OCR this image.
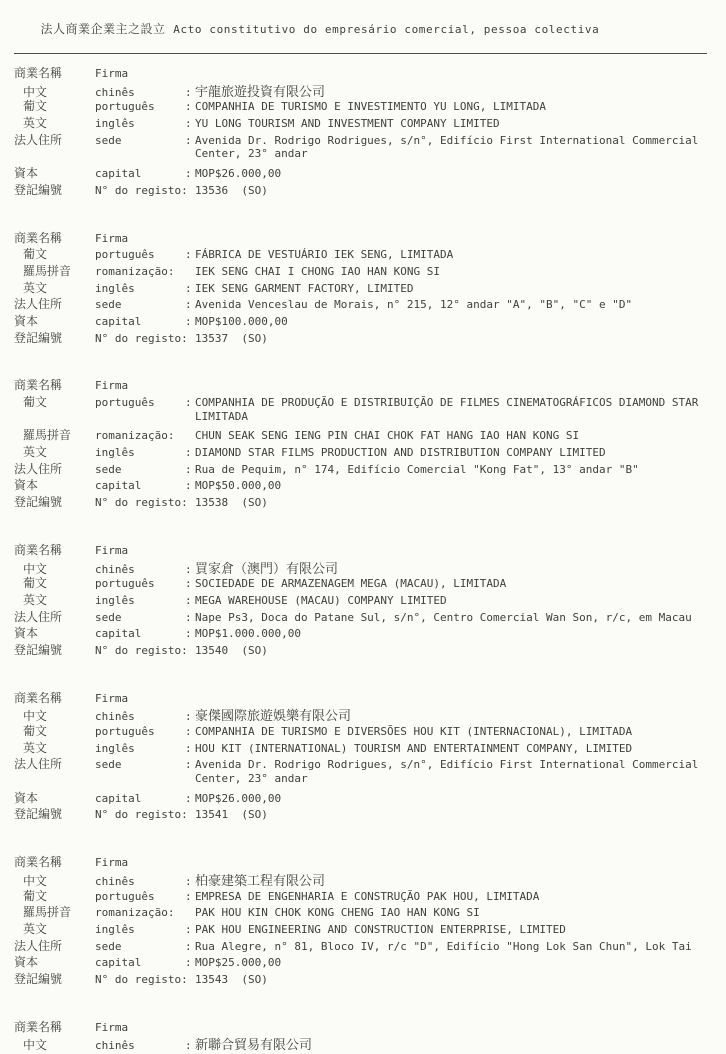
法人商業企業主之設立 Acto constitutivo do empresário comercial, pessoa colectiva

商業名稱	Firma
中文	chinês	: 宇龍旅遊投資有限公司
葡文	português	: COMPANHIA DE TURISMO E INVESTIMENTO YU LONG, LIMITADA
英文	inglês	: YU LONG TOURISM AND INVESTMENT COMPANY LIMITED
法人住所	sede	: Avenida Dr. Rodrigo Rodrigues, s/n°, Edifício First International Commercial
Center, 23° andar
資本	capital	: MOP$26.000,00
登記編號	N° do registo: 13536  (SO)
商業名稱	Firma
葡文	português	: FÁBRICA DE VESTUÁRIO IEK SENG, LIMITADA
羅馬拼音	romanização:	IEK SENG CHAI I CHONG IAO HAN KONG SI
英文	inglês	: IEK SENG GARMENT FACTORY, LIMITED
法人住所	sede	: Avenida Venceslau de Morais, n° 215, 12° andar "A", "B", "C" e "D"
資本	capital	: MOP$100.000,00
登記編號	N° do registo: 13537  (SO)
商業名稱	Firma
葡文	português	: COMPANHIA DE PRODUÇÃO E DISTRIBUIÇÃO DE FILMES CINEMATOGRÁFICOS DIAMOND STAR
LIMITADA
羅馬拼音	romanização:	CHUN SEAK SENG IENG PIN CHAI CHOK FAT HANG IAO HAN KONG SI
英文	inglês	: DIAMOND STAR FILMS PRODUCTION AND DISTRIBUTION COMPANY LIMITED
法人住所	sede	: Rua de Pequim, n° 174, Edifício Comercial "Kong Fat", 13° andar "B"
資本	capital	: MOP$50.000,00
登記編號	N° do registo: 13538  (SO)
商業名稱	Firma
中文	chinês	: 買家倉（澳門）有限公司
葡文	português	: SOCIEDADE DE ARMAZENAGEM MEGA (MACAU), LIMITADA
英文	inglês	: MEGA WAREHOUSE (MACAU) COMPANY LIMITED
法人住所	sede	: Nape Ps3, Doca do Patane Sul, s/n°, Centro Comercial Wan Son, r/c, em Macau
資本	capital	: MOP$1.000.000,00
登記編號	N° do registo: 13540  (SO)
商業名稱	Firma
中文	chinês	: 豪傑國際旅遊娛樂有限公司
葡文	português	: COMPANHIA DE TURISMO E DIVERSÕES HOU KIT (INTERNACIONAL), LIMITADA
英文	inglês	: HOU KIT (INTERNATIONAL) TOURISM AND ENTERTAINMENT COMPANY, LIMITED
法人住所	sede	: Avenida Dr. Rodrigo Rodrigues, s/n°, Edifício First International Commercial
Center, 23° andar
資本	capital	: MOP$26.000,00
登記編號	N° do registo: 13541  (SO)
商業名稱	Firma
中文	chinês	: 柏豪建築工程有限公司
葡文	português	: EMPRESA DE ENGENHARIA E CONSTRUÇÃO PAK HOU, LIMITADA
羅馬拼音	romanização:	PAK HOU KIN CHOK KONG CHENG IAO HAN KONG SI
英文	inglês	: PAK HOU ENGINEERING AND CONSTRUCTION ENTERPRISE, LIMITED
法人住所	sede	: Rua Alegre, n° 81, Bloco IV, r/c "D", Edifício "Hong Lok San Chun", Lok Tai
資本	capital	: MOP$25.000,00
登記編號	N° do registo: 13543  (SO)
商業名稱	Firma
中文	chinês	: 新聯合貿易有限公司
